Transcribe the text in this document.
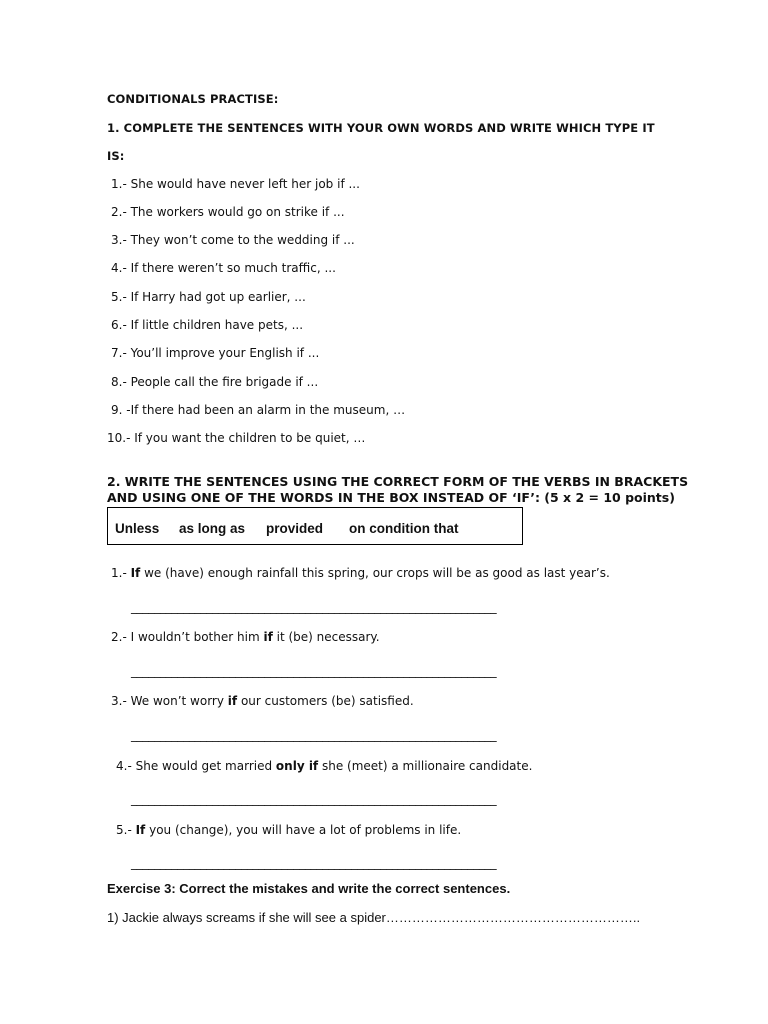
CONDITIONALS PRACTISE:
1. COMPLETE THE SENTENCES WITH YOUR OWN WORDS AND WRITE WHICH TYPE IT
IS:
1.- She would have never left her job if ...
2.- The workers would go on strike if ...
3.- They won’t come to the wedding if ...
4.- If there weren’t so much traffic, ...
5.- If Harry had got up earlier, ...
6.- If little children have pets, ...
7.- You’ll improve your English if ...
8.- People call the fire brigade if ...
9. -If there had been an alarm in the museum, …
10.- If you want the children to be quiet, …
2. WRITE THE SENTENCES USING THE CORRECT FORM OF THE VERBS IN BRACKETS
AND USING ONE OF THE WORDS IN THE BOX INSTEAD OF ‘IF’: (5 x 2 = 10 points)
Unless as long as provided on condition that
1.- If we (have) enough rainfall this spring, our crops will be as good as last year’s.
_______________________________________________________________
2.- I wouldn’t bother him if it (be) necessary.
_______________________________________________________________
3.- We won’t worry if our customers (be) satisfied.
_______________________________________________________________
4.- She would get married only if she (meet) a millionaire candidate.
_______________________________________________________________
5.- If you (change), you will have a lot of problems in life.
_______________________________________________________________
Exercise 3: Correct the mistakes and write the correct sentences.
1) Jackie always screams if she will see a spider…………………………………………………..
